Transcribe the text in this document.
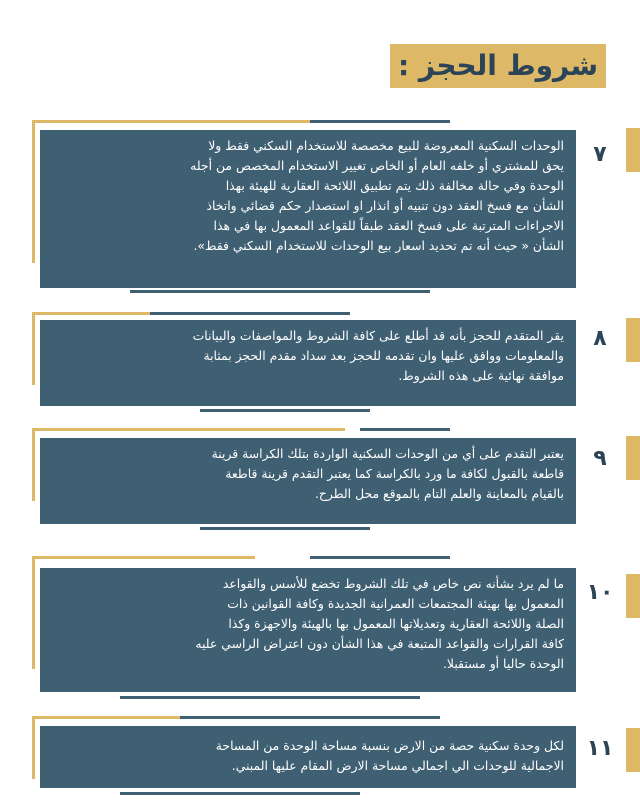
شروط الحجز :

الوحدات السكنية المعروضة للبيع مخصصة للاستخدام السكني فقط ولا

يحق للمشتري أو خلفه العام أو الخاص تغيير الاستخدام المخصص من أجله

الوحدة وفي حالة مخالفة ذلك يتم تطبيق اللائحة العقارية للهيئة بهذا

الشأن مع فسخ العقد دون تنبيه أو انذار او استصدار حكم قضائي واتخاذ

الاجراءات المترتبة على فسخ العقد طبقاً للقواعد المعمول بها في هذا

الشأن « حيث أنه تم تحديد اسعار بيع الوحدات للاستخدام السكني فقط».

٧

يقر المتقدم للحجز بأنه قد أطلع على كافة الشروط والمواصفات والبيانات

والمعلومات ووافق عليها وان تقدمه للحجز بعد سداد مقدم الحجز بمثابة

موافقة نهائية على هذه الشروط.

٨

يعتبر التقدم على أي من الوحدات السكنية الواردة بتلك الكراسة قرينة

قاطعة بالقبول لكافة ما ورد بالكراسة كما يعتبر التقدم قرينة قاطعة

بالقيام بالمعاينة والعلم التام بالموقع محل الطرح.

٩

ما لم يرد بشأنه نص خاص في تلك الشروط تخضع للأسس والقواعد

المعمول بها بهيئة المجتمعات العمرانية الجديدة وكافة القوانين ذات

الصلة واللائحة العقارية وتعديلاتها المعمول بها بالهيئة والاجهزة وكذا

كافة القرارات والقواعد المتبعة في هذا الشأن دون اعتراض الراسي عليه

الوحدة حاليا أو مستقبلا.

١٠

لكل وحدة سكنية حصة من الارض بنسبة مساحة الوحدة من المساحة

الاجمالية للوحدات الي اجمالي مساحة الارض المقام عليها المبني.

١١
